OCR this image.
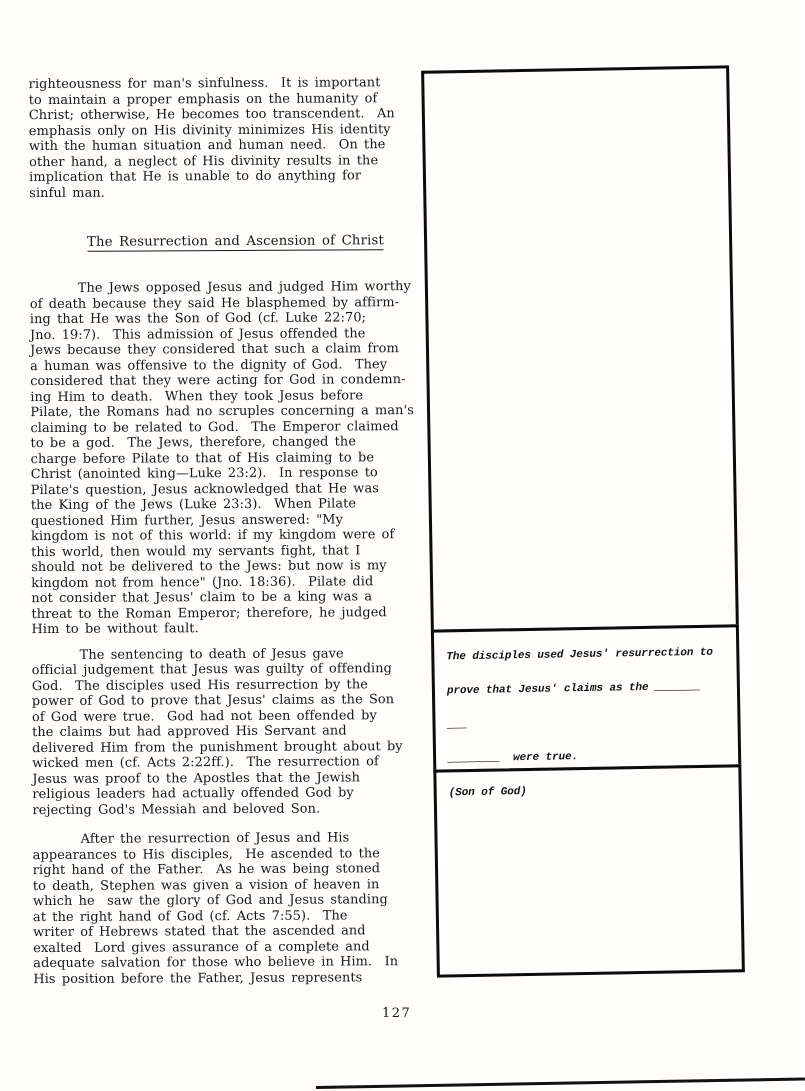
righteousness for man's sinfulness.  It is important
to maintain a proper emphasis on the humanity of
Christ; otherwise, He becomes too transcendent.  An
emphasis only on His divinity minimizes His identity
with the human situation and human need.  On the
other hand, a neglect of His divinity results in the
implication that He is unable to do anything for
sinful man.

The Resurrection and Ascension of Christ

The Jews opposed Jesus and judged Him worthy
of death because they said He blasphemed by affirm-
ing that He was the Son of God (cf. Luke 22:70;
Jno. 19:7).  This admission of Jesus offended the
Jews because they considered that such a claim from
a human was offensive to the dignity of God.  They
considered that they were acting for God in condemn-
ing Him to death.  When they took Jesus before
Pilate, the Romans had no scruples concerning a man's
claiming to be related to God.  The Emperor claimed
to be a god.  The Jews, therefore, changed the
charge before Pilate to that of His claiming to be
Christ (anointed king—Luke 23:2).  In response to
Pilate's question, Jesus acknowledged that He was
the King of the Jews (Luke 23:3).  When Pilate
questioned Him further, Jesus answered: "My
kingdom is not of this world: if my kingdom were of
this world, then would my servants fight, that I
should not be delivered to the Jews: but now is my
kingdom not from hence" (Jno. 18:36).  Pilate did
not consider that Jesus' claim to be a king was a
threat to the Roman Emperor; therefore, he judged
Him to be without fault.

The sentencing to death of Jesus gave
official judgement that Jesus was guilty of offending
God.  The disciples used His resurrection by the
power of God to prove that Jesus' claims as the Son
of God were true.  God had not been offended by
the claims but had approved His Servant and
delivered Him from the punishment brought about by
wicked men (cf. Acts 2:22ff.).  The resurrection of
Jesus was proof to the Apostles that the Jewish
religious leaders had actually offended God by
rejecting God's Messiah and beloved Son.

After the resurrection of Jesus and His
appearances to His disciples,  He ascended to the
right hand of the Father.  As he was being stoned
to death, Stephen was given a vision of heaven in
which he  saw the glory of God and Jesus standing
at the right hand of God (cf. Acts 7:55).  The
writer of Hebrews stated that the ascended and
exalted  Lord gives assurance of a complete and
adequate salvation for those who believe in Him.  In
His position before the Father, Jesus represents

The disciples used Jesus' resurrection to
prove that Jesus' claims as the _______ ___
________  were true.
(Son of God)
127
